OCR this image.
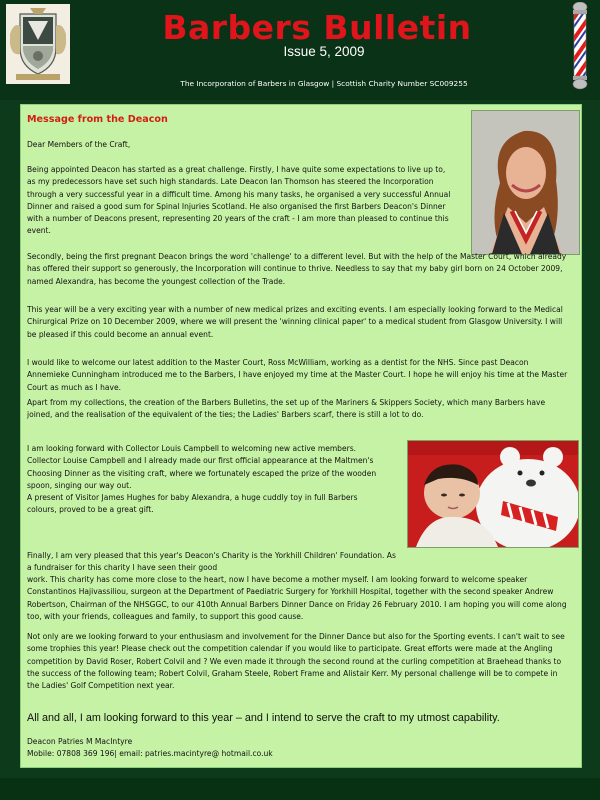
Barbers Bulletin
Issue 5, 2009
The Incorporation of Barbers in Glasgow | Scottish Charity Number SC009255
Message from the Deacon
Dear Members of the Craft,
Being appointed Deacon has started as a great challenge. Firstly, I have quite some expectations to live up to, as my predecessors have set such high standards. Late Deacon Ian Thomson has steered the Incorporation through a very successful year in a difficult time. Among his many tasks, he organised a very successful Annual Dinner and raised a good sum for Spinal Injuries Scotland. He also organised the first Barbers Deacon's Dinner with a number of Deacons present, representing 20 years of the craft - I am more than pleased to continue this event.
Secondly, being the first pregnant Deacon brings the word 'challenge' to a different level. But with the help of the Master Court, which already has offered their support so generously, the Incorporation will continue to thrive. Needless to say that my baby girl born on 24 October 2009, named Alexandra, has become the youngest collection of the Trade.
This year will be a very exciting year with a number of new medical prizes and exciting events. I am especially looking forward to the Medical Chirurgical Prize on 10 December 2009, where we will present the 'winning clinical paper' to a medical student from Glasgow University. I will be pleased if this could become an annual event.
I would like to welcome our latest addition to the Master Court, Ross McWilliam, working as a dentist for the NHS. Since past Deacon Annemieke Cunningham introduced me to the Barbers, I have enjoyed my time at the Master Court. I hope he will enjoy his time at the Master Court as much as I have.
Apart from my collections, the creation of the Barbers Bulletins, the set up of the Mariners & Skippers Society, which many Barbers have joined, and the realisation of the equivalent of the ties; the Ladies' Barbers scarf, there is still a lot to do.
I am looking forward with Collector Louis Campbell to welcoming new active members. Collector Louise Campbell and I already made our first official appearance at the Maltmen's Choosing Dinner as the visiting craft, where we fortunately escaped the prize of the wooden spoon, singing our way out.
A present of Visitor James Hughes for baby Alexandra, a huge cuddly toy in full Barbers colours, proved to be a great gift.
Finally, I am very pleased that this year's Deacon's Charity is the Yorkhill Children' Foundation. As a fundraiser for this charity I have seen their good
work. This charity has come more close to the heart, now I have become a mother myself. I am looking forward to welcome speaker Constantinos Hajivassiliou, surgeon at the Department of Paediatric Surgery for Yorkhill Hospital, together with the second speaker Andrew Robertson, Chairman of the NHSGGC, to our 410th Annual Barbers Dinner Dance on Friday 26 February 2010. I am hoping you will come along too, with your friends, colleagues and family, to support this good cause.
Not only are we looking forward to your enthusiasm and involvement for the Dinner Dance but also for the Sporting events. I can't wait to see some trophies this year! Please check out the competition calendar if you would like to participate. Great efforts were made at the Angling competition by David Roser, Robert Colvil and ? We even made it through the second round at the curling competition at Braehead thanks to the success of the following team; Robert Colvil, Graham Steele, Robert Frame and Alistair Kerr. My personal challenge will be to compete in the Ladies' Golf Competition next year.
All and all, I am looking forward to this year – and I intend to serve the craft to my utmost capability.
Deacon Patries M MacIntyre
Mobile: 07808 369 196| email: patries.macintyre@ hotmail.co.uk
